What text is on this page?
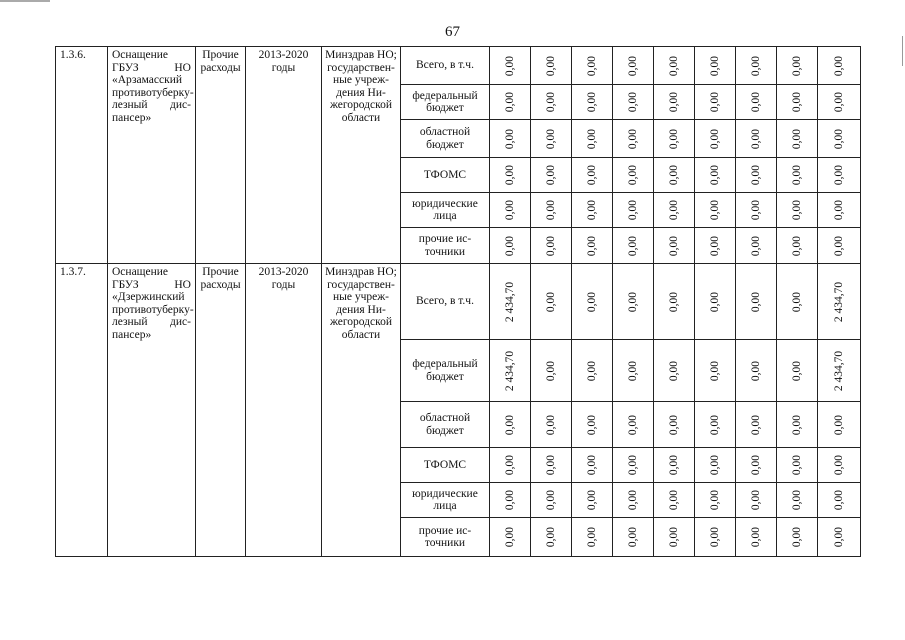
67
1.3.6.	Оснащение ГБУЗ НО «Арзамасский противотуберкулезный диспансер»	Прочие расходы	2013-2020 годы	Минздрав НО; государственные учреждения Нижегородской области	Всего, в т.ч.	0,00	0,00	0,00	0,00	0,00	0,00	0,00	0,00	0,00

					федеральный бюджет	0,00	0,00	0,00	0,00	0,00	0,00	0,00	0,00	0,00

					областной бюджет	0,00	0,00	0,00	0,00	0,00	0,00	0,00	0,00	0,00

					ТФОМС	0,00	0,00	0,00	0,00	0,00	0,00	0,00	0,00	0,00

					юридические лица	0,00	0,00	0,00	0,00	0,00	0,00	0,00	0,00	0,00

					прочие источники	0,00	0,00	0,00	0,00	0,00	0,00	0,00	0,00	0,00

1.3.7.	Оснащение ГБУЗ НО «Дзержинский противотуберкулезный диспансер»	Прочие расходы	2013-2020 годы	Минздрав НО; государственные учреждения Нижегородской области	Всего, в т.ч.	2 434,70	0,00	0,00	0,00	0,00	0,00	0,00	0,00	2 434,70

					федеральный бюджет	2 434,70	0,00	0,00	0,00	0,00	0,00	0,00	0,00	2 434,70

					областной бюджет	0,00	0,00	0,00	0,00	0,00	0,00	0,00	0,00	0,00

					ТФОМС	0,00	0,00	0,00	0,00	0,00	0,00	0,00	0,00	0,00

					юридические лица	0,00	0,00	0,00	0,00	0,00	0,00	0,00	0,00	0,00

					прочие источники	0,00	0,00	0,00	0,00	0,00	0,00	0,00	0,00	0,00
